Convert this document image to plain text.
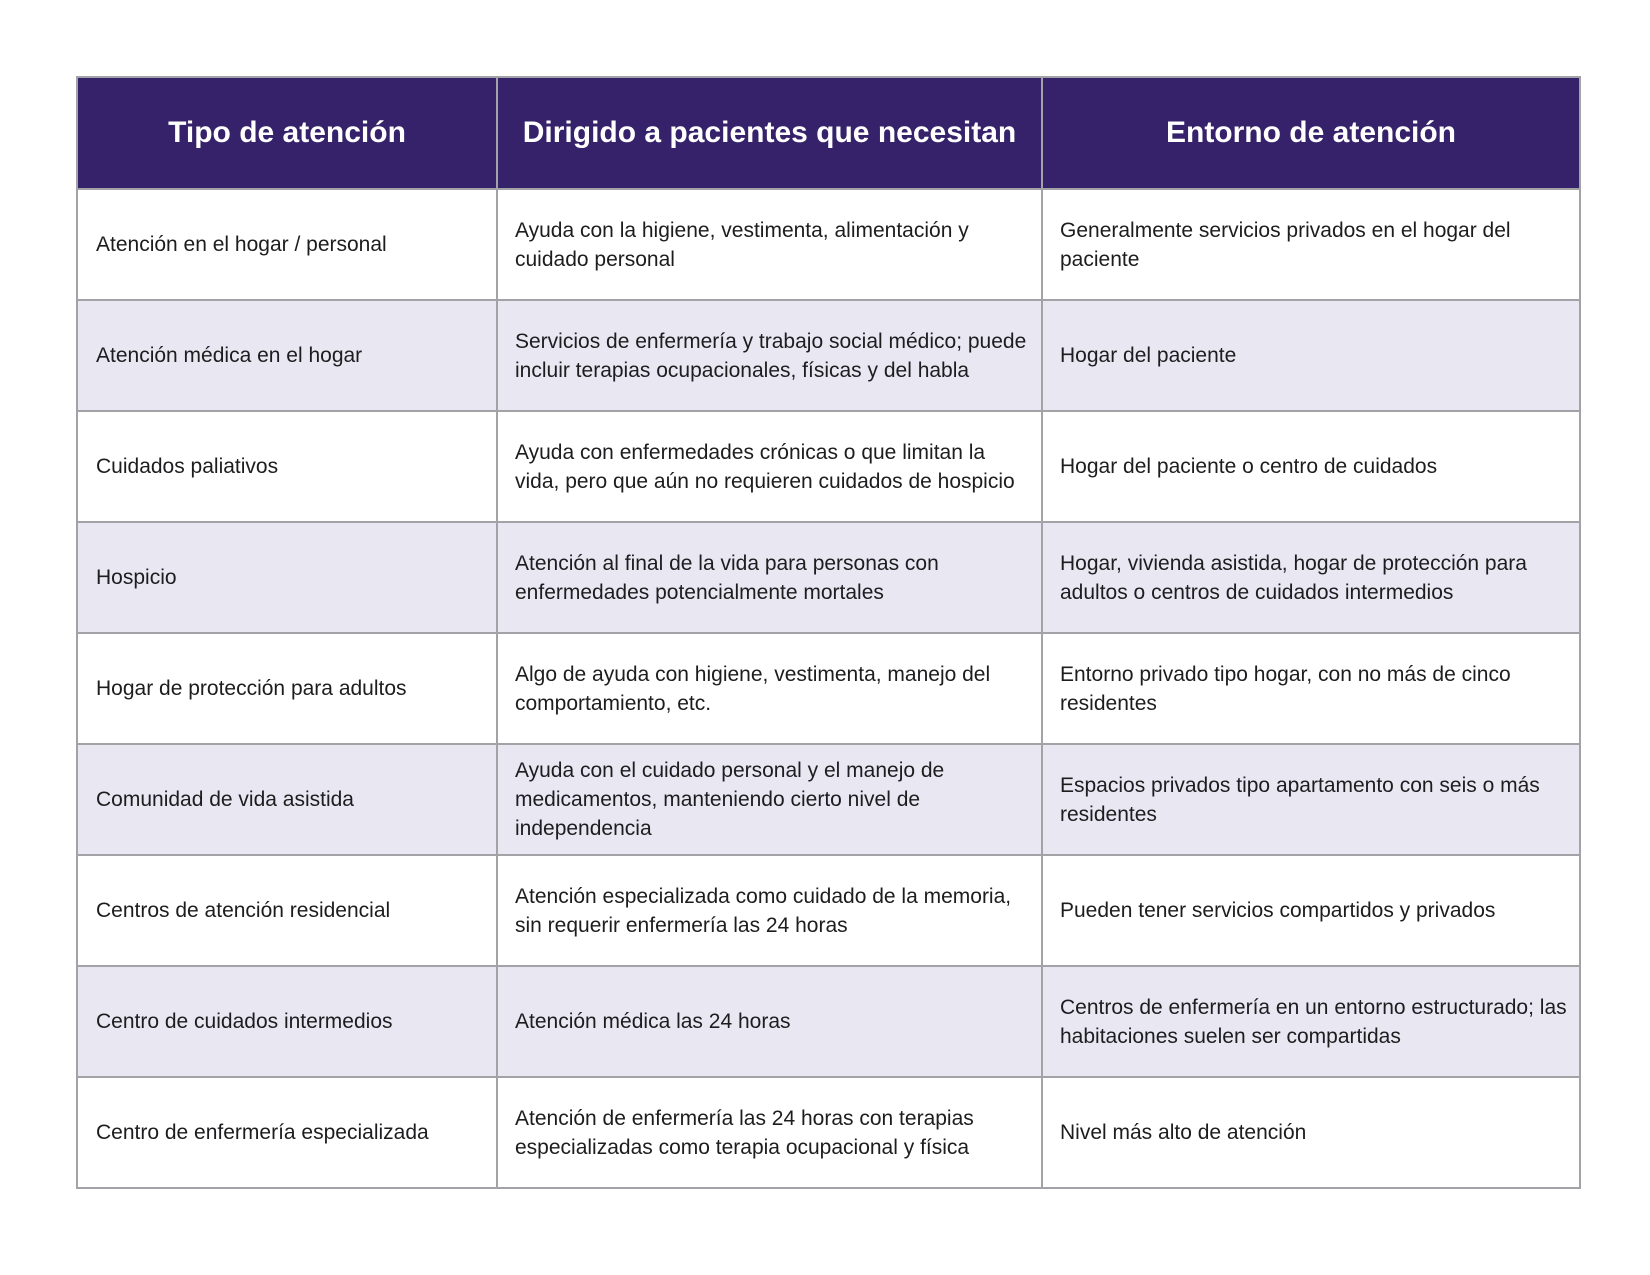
Tipo de atención	Dirigido a pacientes que necesitan	Entorno de atención
Atención en el hogar / personal	Ayuda con la higiene, vestimenta, alimentación y cuidado personal	Generalmente servicios privados en el hogar del paciente
Atención médica en el hogar	Servicios de enfermería y trabajo social médico; puede incluir terapias ocupacionales, físicas y del habla	Hogar del paciente
Cuidados paliativos	Ayuda con enfermedades crónicas o que limitan la vida, pero que aún no requieren cuidados de hospicio	Hogar del paciente o centro de cuidados
Hospicio	Atención al final de la vida para personas con enfermedades potencialmente mortales	Hogar, vivienda asistida, hogar de protección para adultos o centros de cuidados intermedios
Hogar de protección para adultos	Algo de ayuda con higiene, vestimenta, manejo del comportamiento, etc.	Entorno privado tipo hogar, con no más de cinco residentes
Comunidad de vida asistida	Ayuda con el cuidado personal y el manejo de medicamentos, manteniendo cierto nivel de independencia	Espacios privados tipo apartamento con seis o más residentes
Centros de atención residencial	Atención especializada como cuidado de la memoria, sin requerir enfermería las 24 horas	Pueden tener servicios compartidos y privados
Centro de cuidados intermedios	Atención médica las 24 horas	Centros de enfermería en un entorno estructurado; las habitaciones suelen ser compartidas
Centro de enfermería especializada	Atención de enfermería las 24 horas con terapias especializadas como terapia ocupacional y física	Nivel más alto de atención
